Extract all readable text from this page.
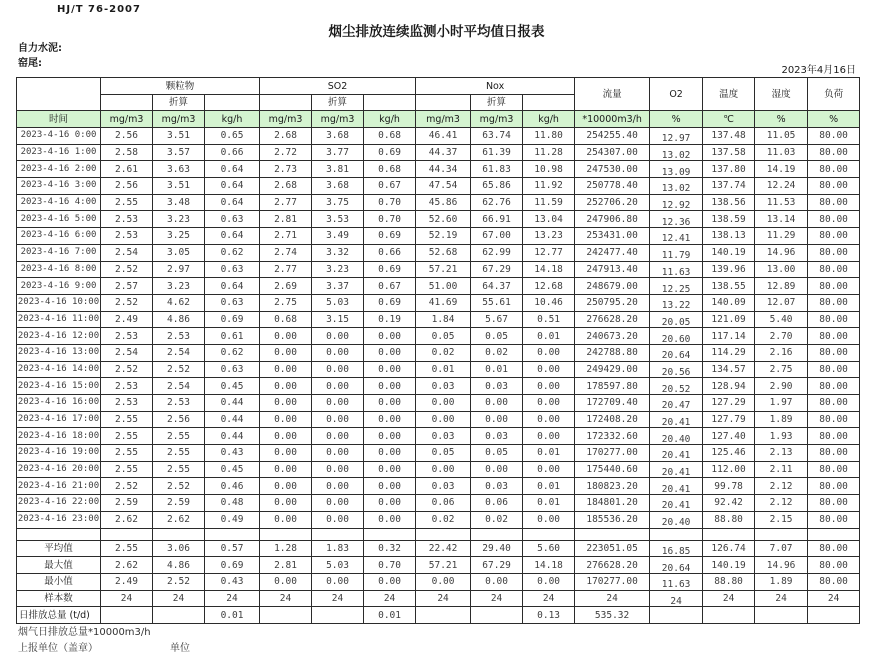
HJ/T 76-2007
烟尘排放连续监测小时平均值日报表
自力水泥:
窑尾:
2023年4月16日
	颗粒物			SO2			Nox			流量	O2	温度	湿度	负荷
		折算			折算			折算						
时间	mg/m3	mg/m3	kg/h	mg/m3	mg/m3	kg/h	mg/m3	mg/m3	kg/h	*10000m3/h	%	℃	%	%
2023-4-16 0:00	2.56	3.51	0.65	2.68	3.68	0.68	46.41	63.74	11.80	254255.40	12.97	137.48	11.05	80.00
2023-4-16 1:00	2.58	3.57	0.66	2.72	3.77	0.69	44.37	61.39	11.28	254307.00	13.02	137.58	11.03	80.00
2023-4-16 2:00	2.61	3.63	0.64	2.73	3.81	0.68	44.34	61.83	10.98	247530.00	13.09	137.80	14.19	80.00
2023-4-16 3:00	2.56	3.51	0.64	2.68	3.68	0.67	47.54	65.86	11.92	250778.40	13.02	137.74	12.24	80.00
2023-4-16 4:00	2.55	3.48	0.64	2.77	3.75	0.70	45.86	62.76	11.59	252706.20	12.92	138.56	11.53	80.00
2023-4-16 5:00	2.53	3.23	0.63	2.81	3.53	0.70	52.60	66.91	13.04	247906.80	12.36	138.59	13.14	80.00
2023-4-16 6:00	2.53	3.25	0.64	2.71	3.49	0.69	52.19	67.00	13.23	253431.00	12.41	138.13	11.29	80.00
2023-4-16 7:00	2.54	3.05	0.62	2.74	3.32	0.66	52.68	62.99	12.77	242477.40	11.79	140.19	14.96	80.00
2023-4-16 8:00	2.52	2.97	0.63	2.77	3.23	0.69	57.21	67.29	14.18	247913.40	11.63	139.96	13.00	80.00
2023-4-16 9:00	2.57	3.23	0.64	2.69	3.37	0.67	51.00	64.37	12.68	248679.00	12.25	138.55	12.89	80.00
2023-4-16 10:00	2.52	4.62	0.63	2.75	5.03	0.69	41.69	55.61	10.46	250795.20	13.22	140.09	12.07	80.00
2023-4-16 11:00	2.49	4.86	0.69	0.68	3.15	0.19	1.84	5.67	0.51	276628.20	20.05	121.09	5.40	80.00
2023-4-16 12:00	2.53	2.53	0.61	0.00	0.00	0.00	0.05	0.05	0.01	240673.20	20.60	117.14	2.70	80.00
2023-4-16 13:00	2.54	2.54	0.62	0.00	0.00	0.00	0.02	0.02	0.00	242788.80	20.64	114.29	2.16	80.00
2023-4-16 14:00	2.52	2.52	0.63	0.00	0.00	0.00	0.01	0.01	0.00	249429.00	20.56	134.57	2.75	80.00
2023-4-16 15:00	2.53	2.54	0.45	0.00	0.00	0.00	0.03	0.03	0.00	178597.80	20.52	128.94	2.90	80.00
2023-4-16 16:00	2.53	2.53	0.44	0.00	0.00	0.00	0.00	0.00	0.00	172709.40	20.47	127.29	1.97	80.00
2023-4-16 17:00	2.55	2.56	0.44	0.00	0.00	0.00	0.00	0.00	0.00	172408.20	20.41	127.79	1.89	80.00
2023-4-16 18:00	2.55	2.55	0.44	0.00	0.00	0.00	0.03	0.03	0.00	172332.60	20.40	127.40	1.93	80.00
2023-4-16 19:00	2.55	2.55	0.43	0.00	0.00	0.00	0.05	0.05	0.01	170277.00	20.41	125.46	2.13	80.00
2023-4-16 20:00	2.55	2.55	0.45	0.00	0.00	0.00	0.00	0.00	0.00	175440.60	20.41	112.00	2.11	80.00
2023-4-16 21:00	2.52	2.52	0.46	0.00	0.00	0.00	0.03	0.03	0.01	180823.20	20.41	99.78	2.12	80.00
2023-4-16 22:00	2.59	2.59	0.48	0.00	0.00	0.00	0.06	0.06	0.01	184801.20	20.41	92.42	2.12	80.00
2023-4-16 23:00	2.62	2.62	0.49	0.00	0.00	0.00	0.02	0.02	0.00	185536.20	20.40	88.80	2.15	80.00

平均值	2.55	3.06	0.57	1.28	1.83	0.32	22.42	29.40	5.60	223051.05	16.85	126.74	7.07	80.00
最大值	2.62	4.86	0.69	2.81	5.03	0.70	57.21	67.29	14.18	276628.20	20.64	140.19	14.96	80.00
最小值	2.49	2.52	0.43	0.00	0.00	0.00	0.00	0.00	0.00	170277.00	11.63	88.80	1.89	80.00
样本数	24	24	24	24	24	24	24	24	24	24	24	24	24	24
日排放总量 (t/d)			0.01			0.01			0.13	535.32				
烟气日排放总量*10000m3/h
上报单位（盖章）	单位
